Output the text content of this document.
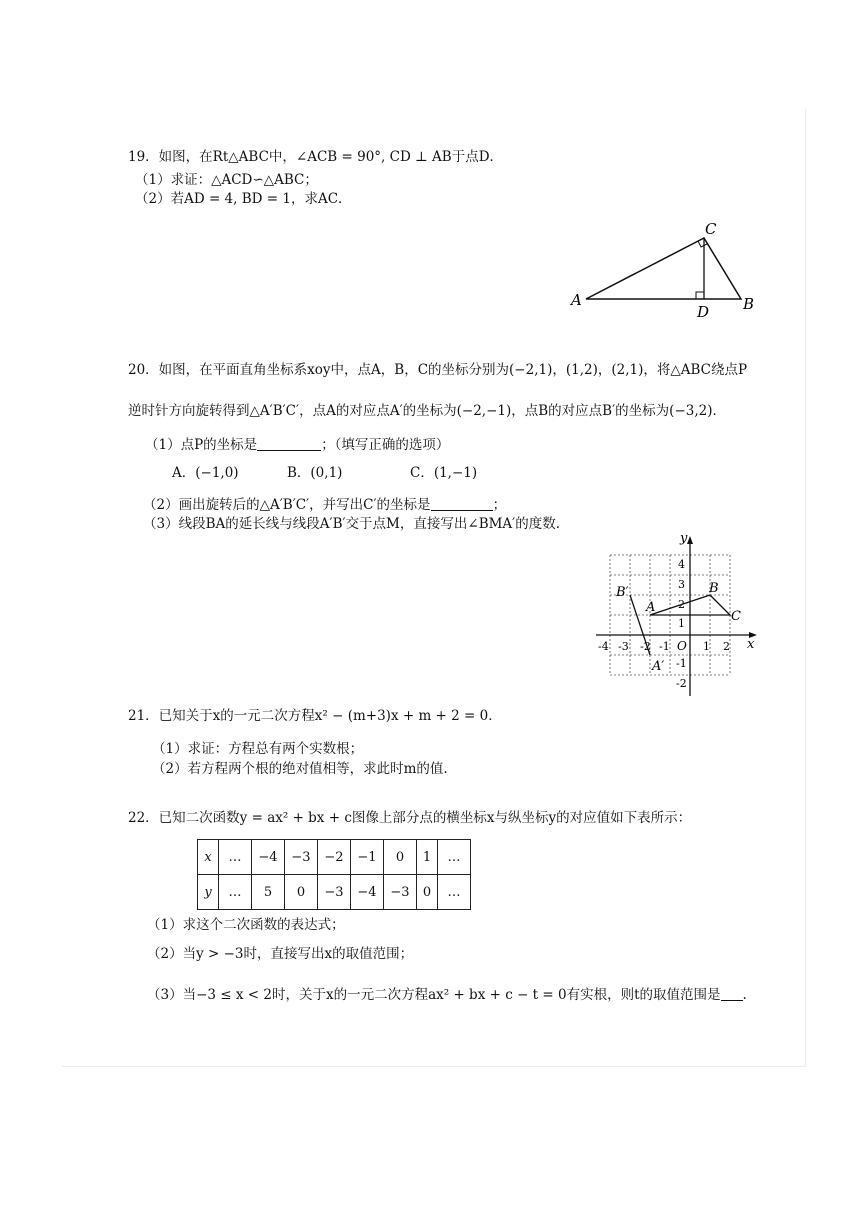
19．如图，在Rt△ABC中，∠ACB = 90°, CD ⊥ AB于点D．
（1）求证：△ACD∽△ABC；
（2）若AD = 4, BD = 1，求AC．
A
C
D B
20．如图，在平面直角坐标系xoy中，点A，B，C的坐标分别为(−2,1)，(1,2)，(2,1)，将△ABC绕点P
逆时针方向旋转得到△A′B′C′，点A的对应点A′的坐标为(−2,−1)，点B的对应点B′的坐标为(−3,2)．
（1）点P的坐标是	；（填写正确的选项）
A．(−1,0)	B．(0,1)	C．(1,−1)
（2）画出旋转后的△A′B′C′，并写出C′的坐标是	；
（3）线段BA的延长线与线段A′B′交于点M，直接写出∠BMA′的度数．
y
x
O
-4 -3 -2 -1	1 2
4
3
2
1
-1
-2
A
B
C
B′
A′
21．已知关于x的一元二次方程x² − (m+3)x + m + 2 = 0．
（1）求证：方程总有两个实数根；
（2）若方程两个根的绝对值相等，求此时m的值.
22．已知二次函数y = ax² + bx + c图像上部分点的横坐标x与纵坐标y的对应值如下表所示：
x	…	−4	−3	−2	−1	0	1	…
y	…	5	0	−3	−4	−3	0	…
（1）求这个二次函数的表达式；
（2）当y > −3时，直接写出x的取值范围；
（3）当−3 ≤ x < 2时，关于x的一元二次方程ax² + bx + c − t = 0有实根，则t的取值范围是 .
